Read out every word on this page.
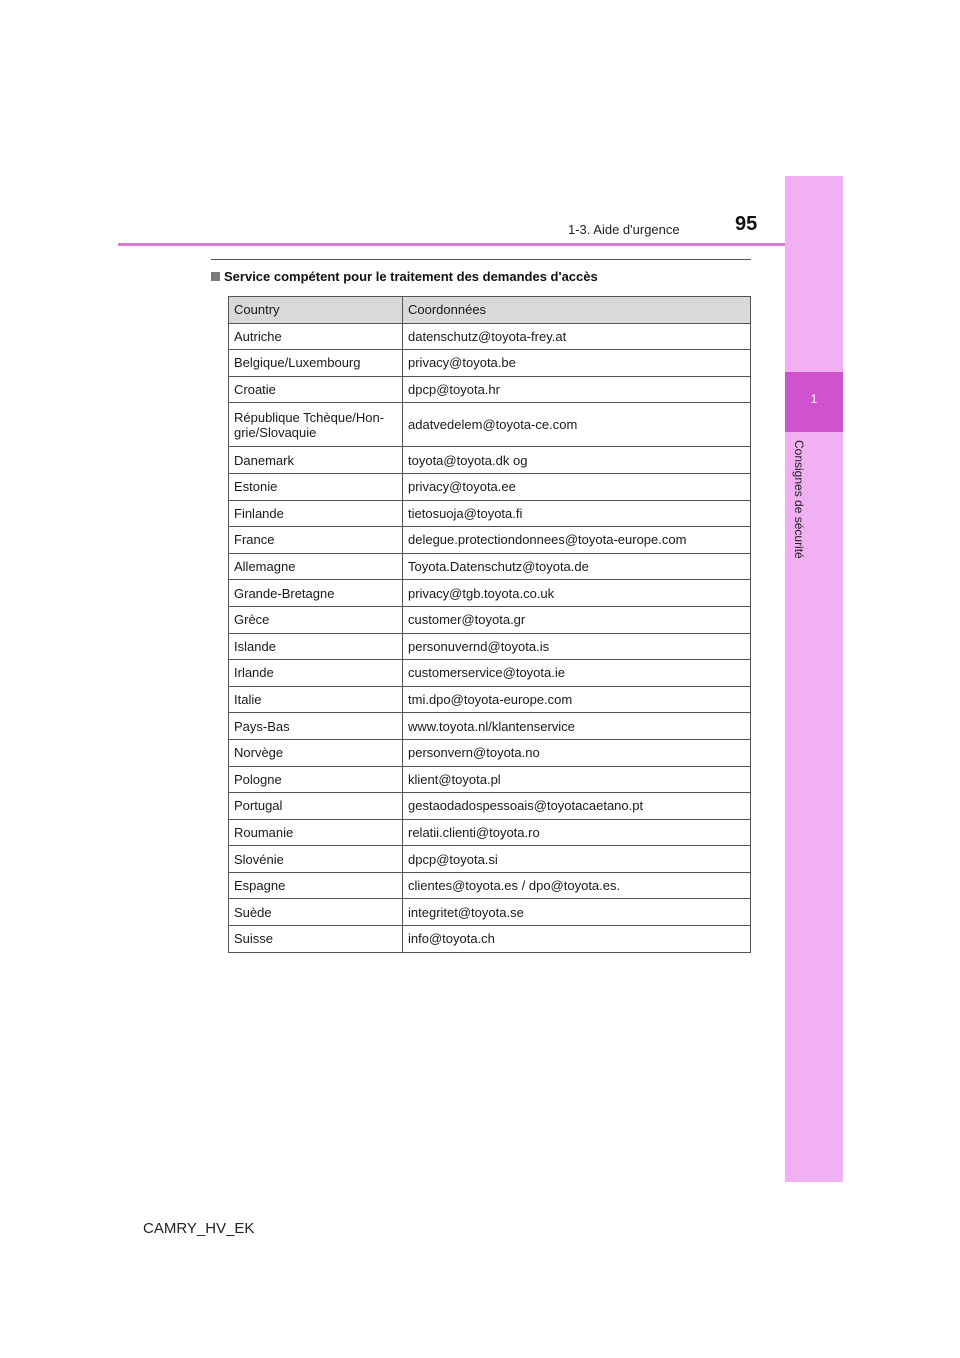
1
Consignes de sécurité
1-3. Aide d'urgence	95
Service compétent pour le traitement des demandes d'accès
Country	Coordonnées
Autriche	datenschutz@toyota-frey.at
Belgique/Luxembourg	privacy@toyota.be
Croatie	dpcp@toyota.hr
République Tchèque/Hon-grie/Slovaquie	adatvedelem@toyota-ce.com
Danemark	toyota@toyota.dk og
Estonie	privacy@toyota.ee
Finlande	tietosuoja@toyota.fi
France	delegue.protectiondonnees@toyota-europe.com
Allemagne	Toyota.Datenschutz@toyota.de
Grande-Bretagne	privacy@tgb.toyota.co.uk
Grèce	customer@toyota.gr
Islande	personuvernd@toyota.is
Irlande	customerservice@toyota.ie
Italie	tmi.dpo@toyota-europe.com
Pays-Bas	www.toyota.nl/klantenservice
Norvège	personvern@toyota.no
Pologne	klient@toyota.pl
Portugal	gestaodadospessoais@toyotacaetano.pt
Roumanie	relatii.clienti@toyota.ro
Slovénie	dpcp@toyota.si
Espagne	clientes@toyota.es / dpo@toyota.es.
Suède	integritet@toyota.se
Suisse	info@toyota.ch
CAMRY_HV_EK
